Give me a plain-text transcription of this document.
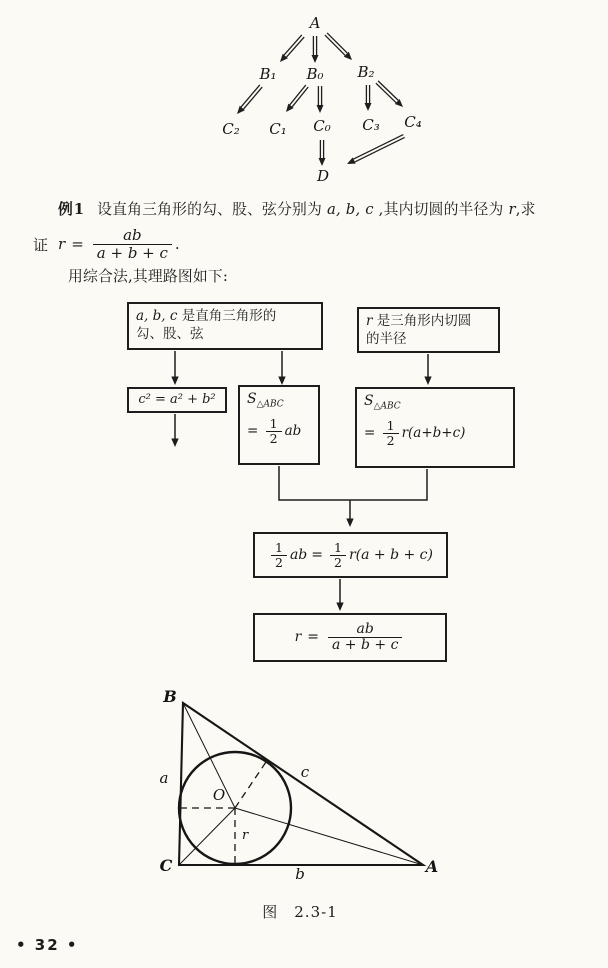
A
B₁ B₀ B₂
C₂ C₁ C₀ C₃ C₄
D
例1 设直角三角形的勾、股、弦分别为 a, b, c ,其内切圆的半径为 r,求
证 $r = \frac{ab}{a + b + c}$ .
用综合法,其理路图如下:
a, b, c 是直角三角形的
勾、股、弦
r 是三角形内切圆
的半径
c² = a² + b²	$S_{\triangle ABC}$
= $\frac{1}{2}$ ab
$S_{\triangle ABC}$
= $\frac{1}{2} r(a+b+c)$
$\frac{1}{2}$ ab = $\frac{1}{2} r(a + b + c)$
$r = \frac{ab}{a + b + c}$
B
a
O
c
r
C	b	A
图　2.3-1
• 32 •
